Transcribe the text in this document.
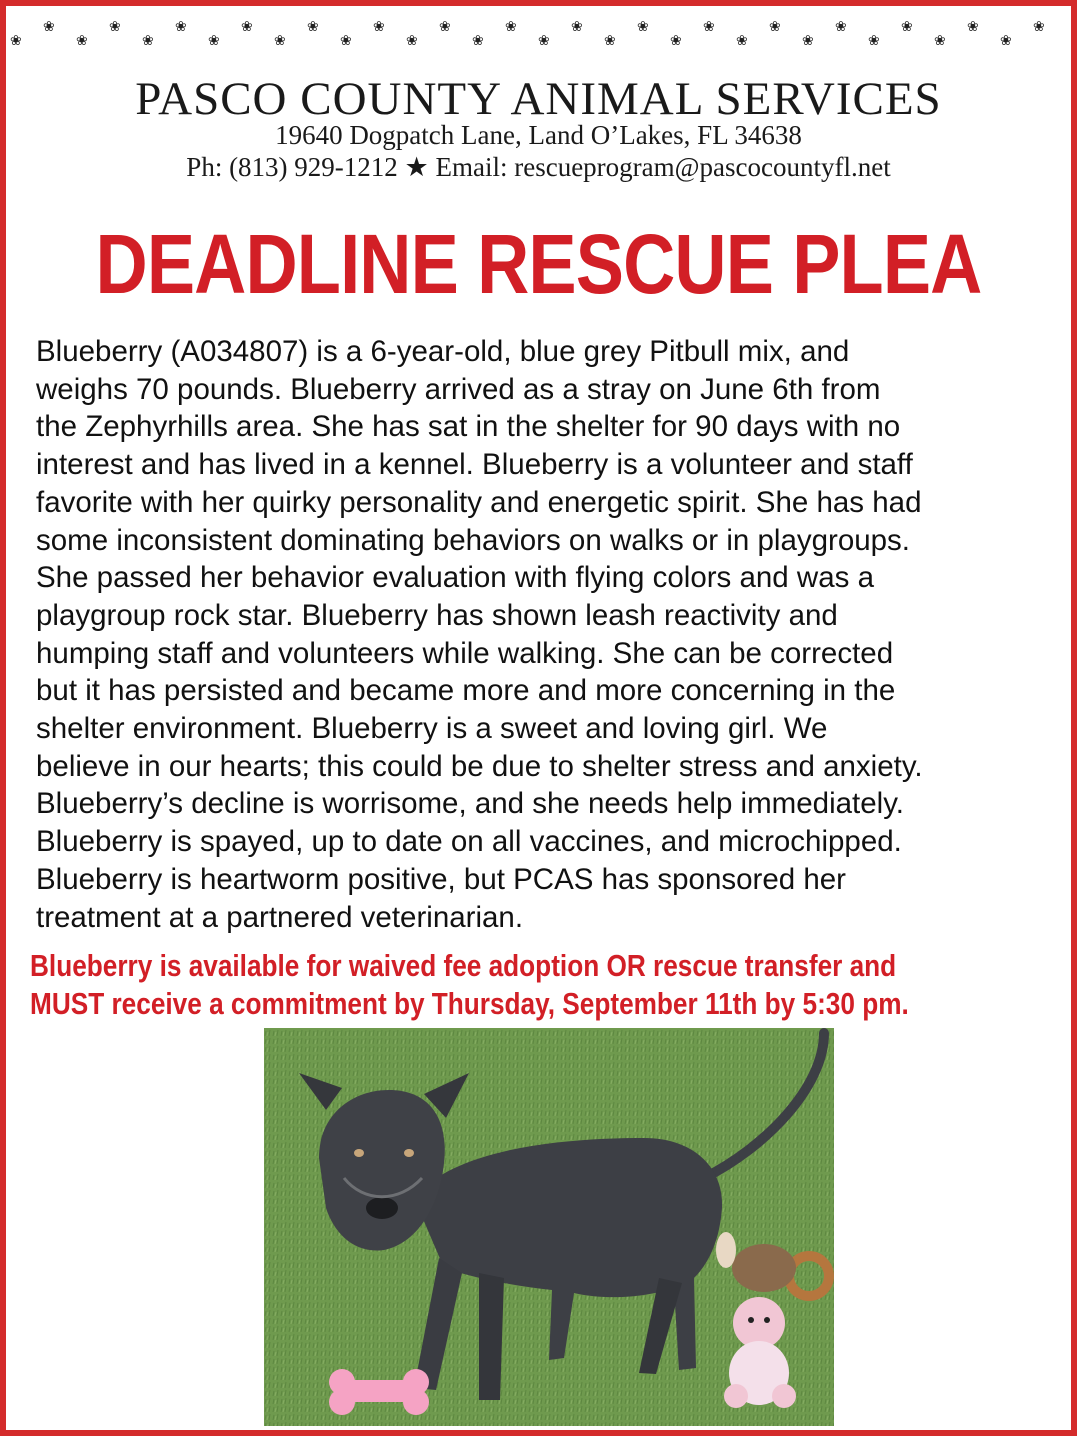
❀
❀
❀
❀
❀
❀
❀
❀
❀
❀
❀
❀
❀
❀
❀
❀
❀
❀
❀
❀
❀
❀
❀
❀
❀
❀
❀
❀
❀
❀
❀
❀
PASCO COUNTY ANIMAL SERVICES
19640 Dogpatch Lane, Land O’Lakes, FL 34638
Ph: (813) 929-1212 ★ Email: rescueprogram@pascocountyfl.net
DEADLINE RESCUE PLEA
Blueberry (A034807) is a 6-year-old, blue grey Pitbull mix, and
weighs 70 pounds. Blueberry arrived as a stray on June 6th from
the Zephyrhills area. She has sat in the shelter for 90 days with no
interest and has lived in a kennel. Blueberry is a volunteer and staff
favorite with her quirky personality and energetic spirit. She has had
some inconsistent dominating behaviors on walks or in playgroups.
She passed her behavior evaluation with flying colors and was a
playgroup rock star. Blueberry has shown leash reactivity and
humping staff and volunteers while walking. She can be corrected
but it has persisted and became more and more concerning in the
shelter environment. Blueberry is a sweet and loving girl. We
believe in our hearts; this could be due to shelter stress and anxiety.
Blueberry’s decline is worrisome, and she needs help immediately.
Blueberry is spayed, up to date on all vaccines, and microchipped.
Blueberry is heartworm positive, but PCAS has sponsored her
treatment at a partnered veterinarian.
Blueberry is available for waived fee adoption OR rescue transfer and
MUST receive a commitment by Thursday, September 11th by 5:30 pm.
